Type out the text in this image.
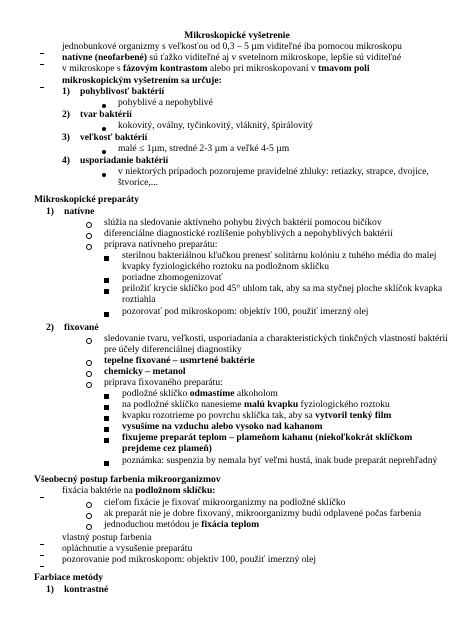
Mikroskopické vyšetrenie
jednobunkové organizmy s veľkosťou od 0,3 – 5 µm viditeľné iba pomocou mikroskopu
natívne (neofarbené) sú ťažko viditeľné aj v svetelnom mikroskope, lepšie sú viditeľné
v mikroskope s fázovým kontrastom alebo pri mikroskopovaní v tmavom poli
mikroskopickým vyšetrením sa určuje:
1) pohyblivosť baktérií
pohyblivé a nepohyblivé
2) tvar baktérií
kokovitý, oválny, tyčinkovitý, vláknitý, špirálovitý
3) veľkosť baktérií
malé ≤ 1µm, stredné 2-3 µm a veľké 4-5 µm
4) usporiadanie baktérií
v niektorých prípadoch pozorujeme pravidelné zhluky: retiazky, strapce, dvojice,
štvorice,...
Mikroskopické preparáty
1) natívne
slúžia na sledovanie aktívneho pohybu živých baktérií pomocou bičíkov
diferenciálne diagnostické rozlíšenie pohyblivých a nepohyblivých baktérií
príprava natívneho preparátu:
sterilnou bakteriálnou kľučkou prenesť solitárnu kolóniu z tuhého média do malej
kvapky fyziologického roztoku na podložnom sklíčku
poriadne zhomogenizovať
priložiť krycie sklíčko pod 45° uhlom tak, aby sa ma styčnej ploche sklíčok kvapka
roztiahla
pozorovať pod mikroskopom: objektív 100, použiť imerzný olej
2) fixované
sledovanie tvaru, veľkosti, usporiadania a charakteristických tinkčných vlastností baktérií
pre účely diferenciálnej diagnostiky
tepelne fixované – usmrtené baktérie
chemicky – metanol
príprava fixovaného preparátu:
podložné sklíčko odmastíme alkoholom
na podložné sklíčko nanesieme malú kvapku fyziologického roztoku
kvapku rozotrieme po povrchu sklíčka tak, aby sa vytvoril tenký film
vysušíme na vzduchu alebo vysoko nad kahanom
fixujeme preparát teplom – plameňom kahanu (niekoľkokrát sklíčkom
prejdeme cez plameň)
poznámka: suspenzia by nemala byť veľmi hustá, inak bude preparát neprehľadný
Všeobecný postup farbenia mikroorganizmov
fixácia baktérie na podložnom sklíčku:
cieľom fixácie je fixovať mikroorganizmy na podložné sklíčko
ak preparát nie je dobre fixovaný, mikroorganizmy budú odplavené počas farbenia
jednoduchou metódou je fixácia teplom
vlastný postup farbenia
opláchnutie a vysušenie preparátu
pozorovanie pod mikroskopom: objektív 100, použiť imerzný olej
Farbiace metódy
1) kontrastné
